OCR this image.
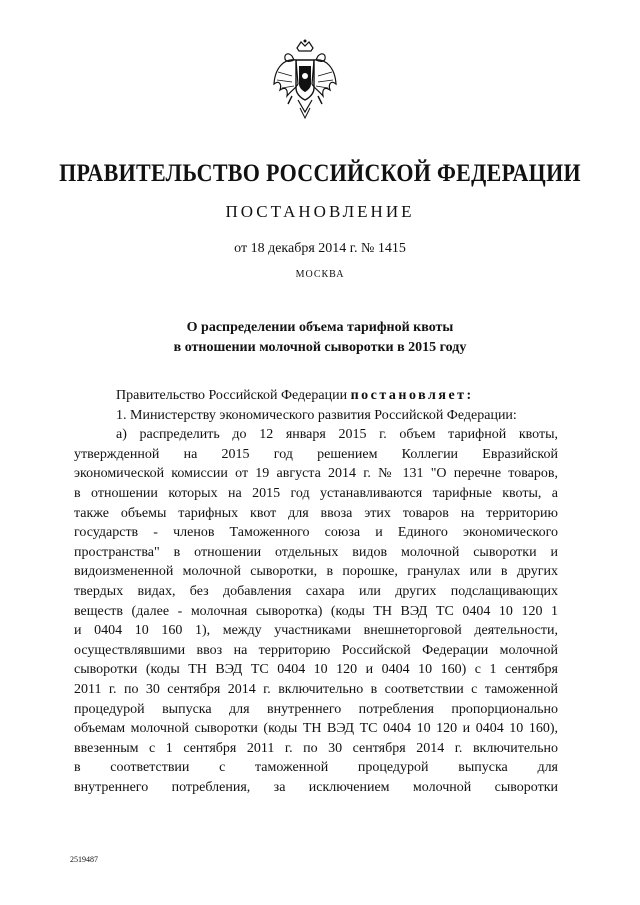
ПРАВИТЕЛЬСТВО РОССИЙСКОЙ ФЕДЕРАЦИИ
ПОСТАНОВЛЕНИЕ
от 18 декабря 2014 г. № 1415
МОСКВА
О распределении объема тарифной квоты
в отношении молочной сыворотки в 2015 году
Правительство Российской Федерации постановляет:
1. Министерству экономического развития Российской Федерации:
а) распределить до 12 января 2015 г. объем тарифной квоты,
утвержденной на 2015 год решением Коллегии Евразийской
экономической комиссии от 19 августа 2014 г. № 131 "О перечне товаров,
в отношении которых на 2015 год устанавливаются тарифные квоты, а
также объемы тарифных квот для ввоза этих товаров на территорию
государств - членов Таможенного союза и Единого экономического
пространства" в отношении отдельных видов молочной сыворотки и
видоизмененной молочной сыворотки, в порошке, гранулах или в других
твердых видах, без добавления сахара или других подслащивающих
веществ (далее - молочная сыворотка) (коды ТН ВЭД ТС 0404 10 120 1
и 0404 10 160 1), между участниками внешнеторговой деятельности,
осуществлявшими ввоз на территорию Российской Федерации молочной
сыворотки (коды ТН ВЭД ТС 0404 10 120 и 0404 10 160) с 1 сентября
2011 г. по 30 сентября 2014 г. включительно в соответствии с таможенной
процедурой выпуска для внутреннего потребления пропорционально
объемам молочной сыворотки (коды ТН ВЭД ТС 0404 10 120 и 0404 10 160),
ввезенным с 1 сентября 2011 г. по 30 сентября 2014 г. включительно
в соответствии с таможенной процедурой выпуска для
внутреннего потребления, за исключением молочной сыворотки
2519487
